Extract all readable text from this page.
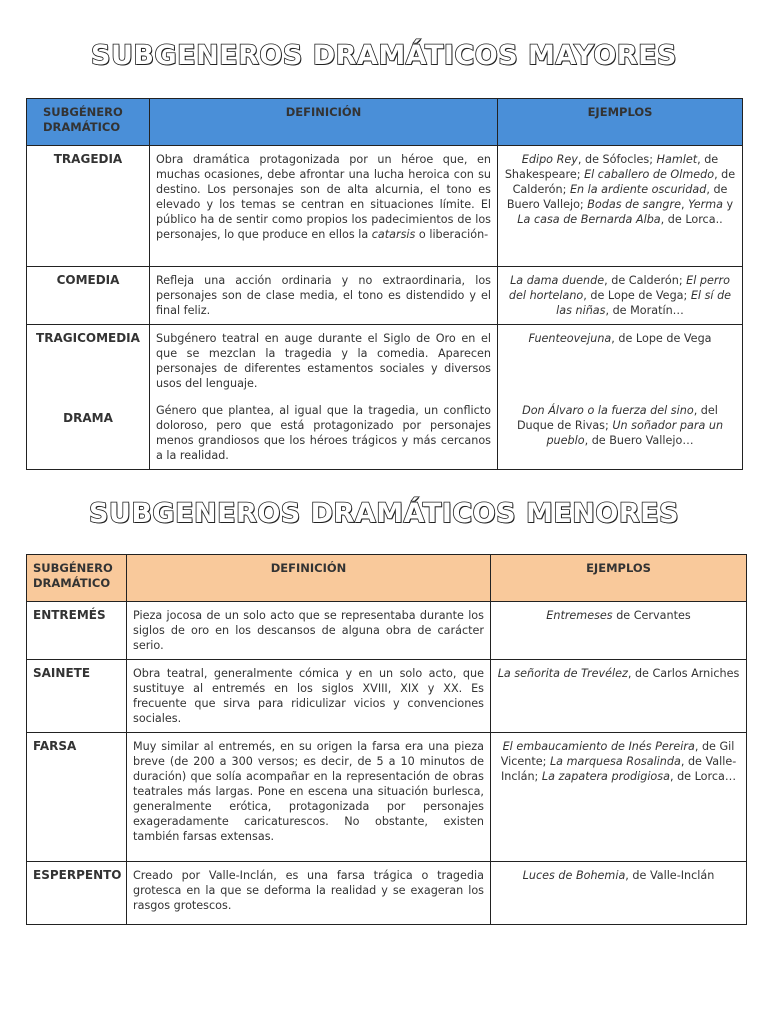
SUBGENEROS DRAMÁTICOS MAYORES
SUBGÉNERO DRAMÁTICO	DEFINICIÓN	EJEMPLOS
TRAGEDIA	Obra dramática protagonizada por un héroe que, en muchas ocasiones, debe afrontar una lucha heroica con su destino. Los personajes son de alta alcurnia, el tono es elevado y los temas se centran en situaciones límite. El público ha de sentir como propios los padecimientos de los personajes, lo que produce en ellos la catarsis o liberación-	Edipo Rey, de Sófocles; Hamlet, de Shakespeare; El caballero de Olmedo, de Calderón; En la ardiente oscuridad, de Buero Vallejo; Bodas de sangre, Yerma y La casa de Bernarda Alba, de Lorca..
COMEDIA	Refleja una acción ordinaria y no extraordinaria, los personajes son de clase media, el tono es distendido y el final feliz.	La dama duende, de Calderón; El perro del hortelano, de Lope de Vega; El sí de las niñas, de Moratín…
TRAGICOMEDIA	Subgénero teatral en auge durante el Siglo de Oro en el que se mezclan la tragedia y la comedia. Aparecen personajes de diferentes estamentos sociales y diversos usos del lenguaje.	Fuenteovejuna, de Lope de Vega
DRAMA	Género que plantea, al igual que la tragedia, un conflicto doloroso, pero que está protagonizado por personajes menos grandiosos que los héroes trágicos y más cercanos a la realidad.	Don Álvaro o la fuerza del sino, del Duque de Rivas; Un soñador para un pueblo, de Buero Vallejo…
SUBGENEROS DRAMÁTICOS MENORES
SUBGÉNERO DRAMÁTICO	DEFINICIÓN	EJEMPLOS
ENTREMÉS	Pieza jocosa de un solo acto que se representaba durante los siglos de oro en los descansos de alguna obra de carácter serio.	Entremeses de Cervantes
SAINETE	Obra teatral, generalmente cómica y en un solo acto, que sustituye al entremés en los siglos XVIII, XIX y XX. Es frecuente que sirva para ridiculizar vicios y convenciones sociales.	La señorita de Trevélez, de Carlos Arniches
FARSA	Muy similar al entremés, en su origen la farsa era una pieza breve (de 200 a 300 versos; es decir, de 5 a 10 minutos de duración) que solía acompañar en la representación de obras teatrales más largas. Pone en escena una situación burlesca, generalmente erótica, protagonizada por personajes exageradamente caricaturescos. No obstante, existen también farsas extensas.	El embaucamiento de Inés Pereira, de Gil Vicente; La marquesa Rosalinda, de Valle-Inclán; La zapatera prodigiosa, de Lorca…
ESPERPENTO	Creado por Valle-Inclán, es una farsa trágica o tragedia grotesca en la que se deforma la realidad y se exageran los rasgos grotescos.	Luces de Bohemia, de Valle-Inclán
